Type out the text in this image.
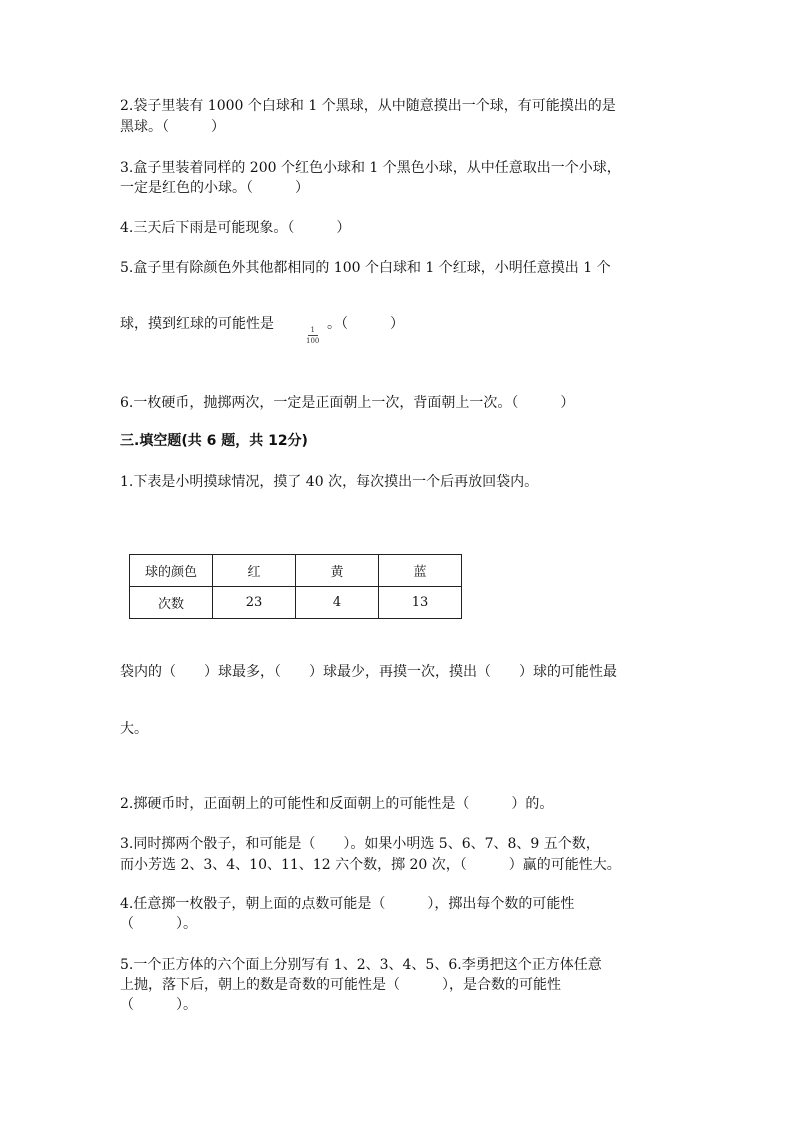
2.袋子里装有 1000 个白球和 1 个黑球，从中随意摸出一个球，有可能摸出的是
黑球。（　　　）
3.盒子里装着同样的 200 个红色小球和 1 个黑色小球，从中任意取出一个小球，
一定是红色的小球。（　　　）
4.三天后下雨是可能现象。（　　　）
5.盒子里有除颜色外其他都相同的 100 个白球和 1 个红球，小明任意摸出 1 个
球，摸到红球的可能性是	1
100
。（　　　）
6.一枚硬币，抛掷两次，一定是正面朝上一次，背面朝上一次。（　　　）
三.填空题(共 6 题，共 12分)
1.下表是小明摸球情况，摸了 40 次，每次摸出一个后再放回袋内。
球的颜色	红	黄	蓝
次数	23	4	13
袋内的（　　）球最多，（　　）球最少，再摸一次，摸出（　　）球的可能性最
大。
2.掷硬币时，正面朝上的可能性和反面朝上的可能性是（　　　）的。
3.同时掷两个骰子，和可能是（　　）。如果小明选 5、6、7、8、9 五个数，
而小芳选 2、3、4、10、11、12 六个数，掷 20 次，（　　　）赢的可能性大。
4.任意掷一枚骰子，朝上面的点数可能是（　　　），掷出每个数的可能性
（　　　）。
5.一个正方体的六个面上分别写有 1、2、3、4、5、6.李勇把这个正方体任意
上抛，落下后，朝上的数是奇数的可能性是（　　　），是合数的可能性
（　　　）。
